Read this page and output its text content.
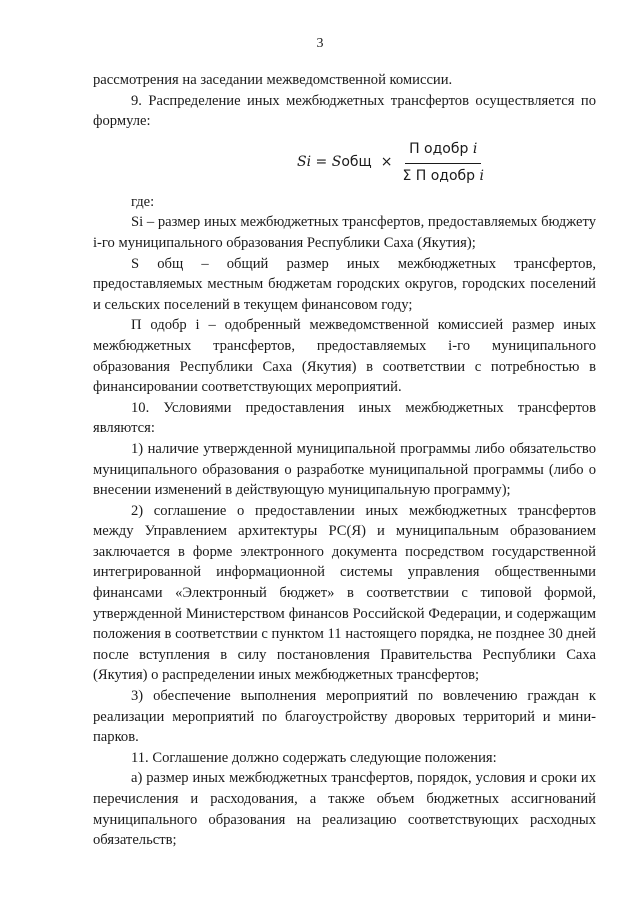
3

рассмотрения на заседании межведомственной комиссии.

9. Распределение иных межбюджетных трансфертов осуществляется по формуле:

Si = Sобщ × $\frac{\text{П одобр i}}{\text{Σ П одобр i}}$

где:

Si – размер иных межбюджетных трансфертов, предоставляемых бюджету i-го муниципального образования Республики Саха (Якутия);

S общ – общий размер иных межбюджетных трансфертов, предоставляемых местным бюджетам городских округов, городских поселений и сельских поселений в текущем финансовом году;

П одобр i – одобренный межведомственной комиссией размер иных межбюджетных трансфертов, предоставляемых i-го муниципального образования Республики Саха (Якутия) в соответствии с потребностью в финансировании соответствующих мероприятий.

10. Условиями предоставления иных межбюджетных трансфертов являются:

1) наличие утвержденной муниципальной программы либо обязательство муниципального образования о разработке муниципальной программы (либо о внесении изменений в действующую муниципальную программу);

2) соглашение о предоставлении иных межбюджетных трансфертов между Управлением архитектуры РС(Я) и муниципальным образованием заключается в форме электронного документа посредством государственной интегрированной информационной системы управления общественными финансами «Электронный бюджет» в соответствии с типовой формой, утвержденной Министерством финансов Российской Федерации, и содержащим положения в соответствии с пунктом 11 настоящего порядка, не позднее 30 дней после вступления в силу постановления Правительства Республики Саха (Якутия) о распределении иных межбюджетных трансфертов;

3) обеспечение выполнения мероприятий по вовлечению граждан к реализации мероприятий по благоустройству дворовых территорий и мини-парков.

11. Соглашение должно содержать следующие положения:

а) размер иных межбюджетных трансфертов, порядок, условия и сроки их перечисления и расходования, а также объем бюджетных ассигнований муниципального образования на реализацию соответствующих расходных обязательств;
